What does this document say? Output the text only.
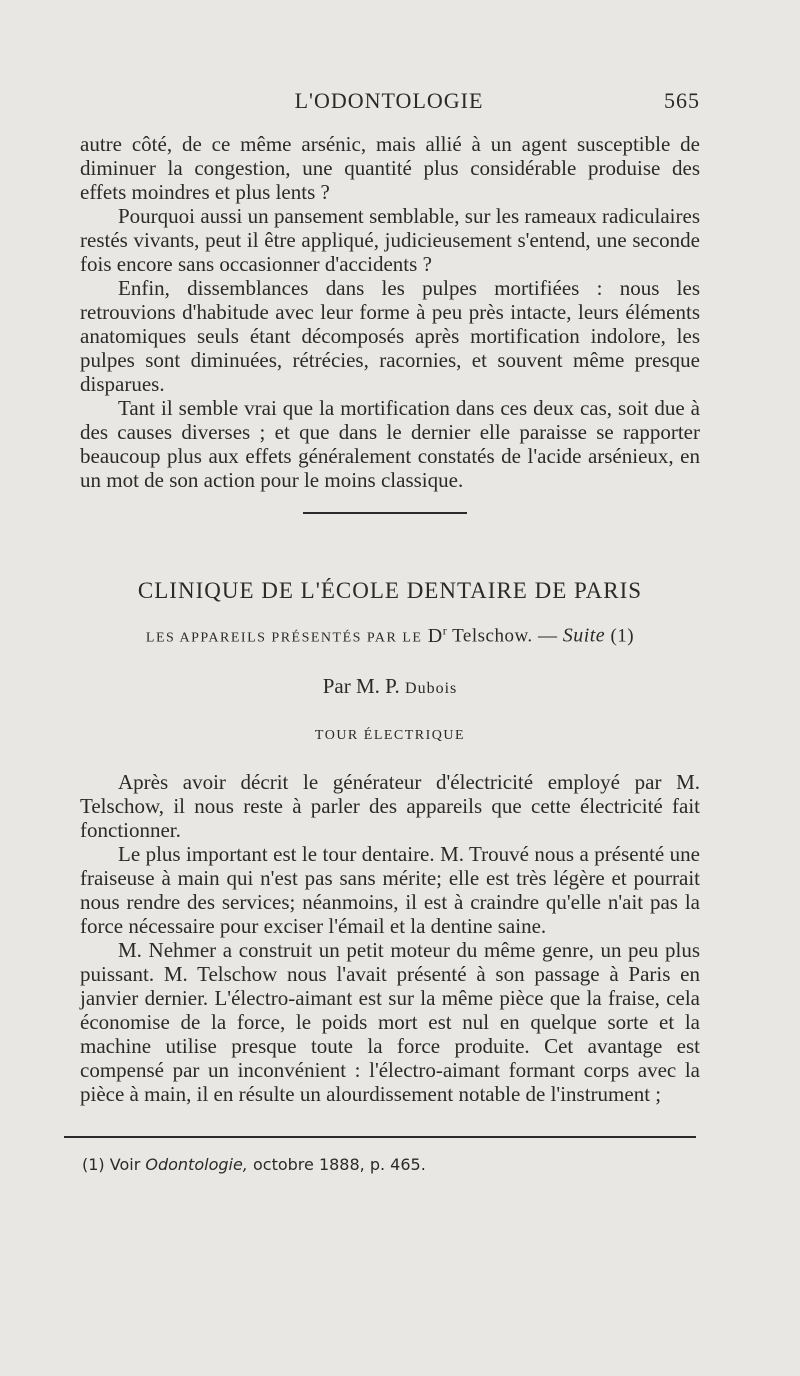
L'ODONTOLOGIE	565

autre côté, de ce même arsénic, mais allié à un agent susceptible de diminuer la congestion, une quantité plus considérable produise des effets moindres et plus lents ?

Pourquoi aussi un pansement semblable, sur les rameaux radiculaires restés vivants, peut il être appliqué, judicieusement s'entend, une seconde fois encore sans occasionner d'accidents ?

Enfin, dissemblances dans les pulpes mortifiées : nous les retrouvions d'habitude avec leur forme à peu près intacte, leurs éléments anatomiques seuls étant décomposés après mortification indolore, les pulpes sont diminuées, rétrécies, racornies, et souvent même presque disparues.

Tant il semble vrai que la mortification dans ces deux cas, soit due à des causes diverses ; et que dans le dernier elle paraisse se rapporter beaucoup plus aux effets généralement constatés de l'acide arsénieux, en un mot de son action pour le moins classique.

CLINIQUE DE L'ÉCOLE DENTAIRE DE PARIS
LES APPAREILS PRÉSENTÉS PAR LE $D^r$ Telschow. — Suite (1)
Par M. P. Dubois
TOUR ÉLECTRIQUE

Après avoir décrit le générateur d'électricité employé par M. Telschow, il nous reste à parler des appareils que cette électricité fait fonctionner.

Le plus important est le tour dentaire. M. Trouvé nous a présenté une fraiseuse à main qui n'est pas sans mérite; elle est très légère et pourrait nous rendre des services; néanmoins, il est à craindre qu'elle n'ait pas la force nécessaire pour exciser l'émail et la dentine saine.

M. Nehmer a construit un petit moteur du même genre, un peu plus puissant. M. Telschow nous l'avait présenté à son passage à Paris en janvier dernier. L'électro-aimant est sur la même pièce que la fraise, cela économise de la force, le poids mort est nul en quelque sorte et la machine utilise presque toute la force produite. Cet avantage est compensé par un inconvénient : l'électro-aimant formant corps avec la pièce à main, il en résulte un alourdissement notable de l'instrument ;

(1) Voir Odontologie, octobre 1888, p. 465.
